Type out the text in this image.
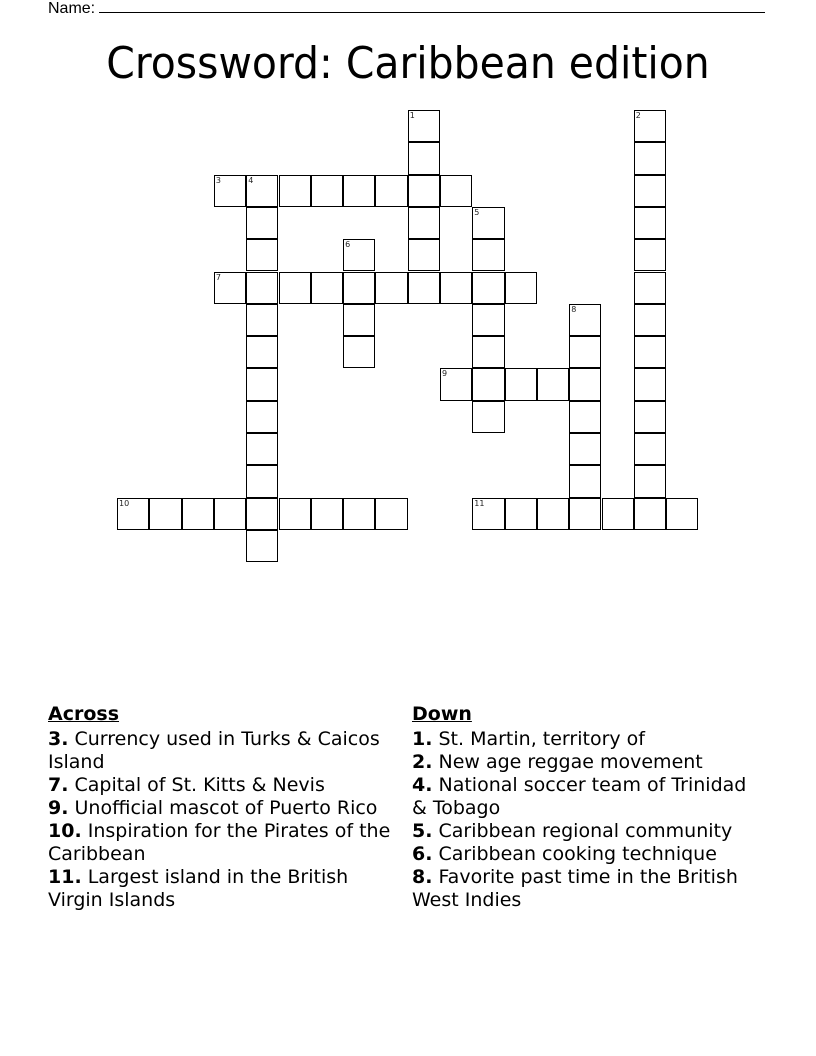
Name:
Crossword: Caribbean edition
1	2
3	4
5
6
7
8
9
10	11
Across

3. Currency used in Turks & Caicos Island

7. Capital of St. Kitts & Nevis

9. Unofficial mascot of Puerto Rico

10. Inspiration for the Pirates of the Caribbean

11. Largest island in the British Virgin Islands

Down

1. St. Martin, territory of

2. New age reggae movement

4. National soccer team of Trinidad & Tobago

5. Caribbean regional community

6. Caribbean cooking technique

8. Favorite past time in the British West Indies
